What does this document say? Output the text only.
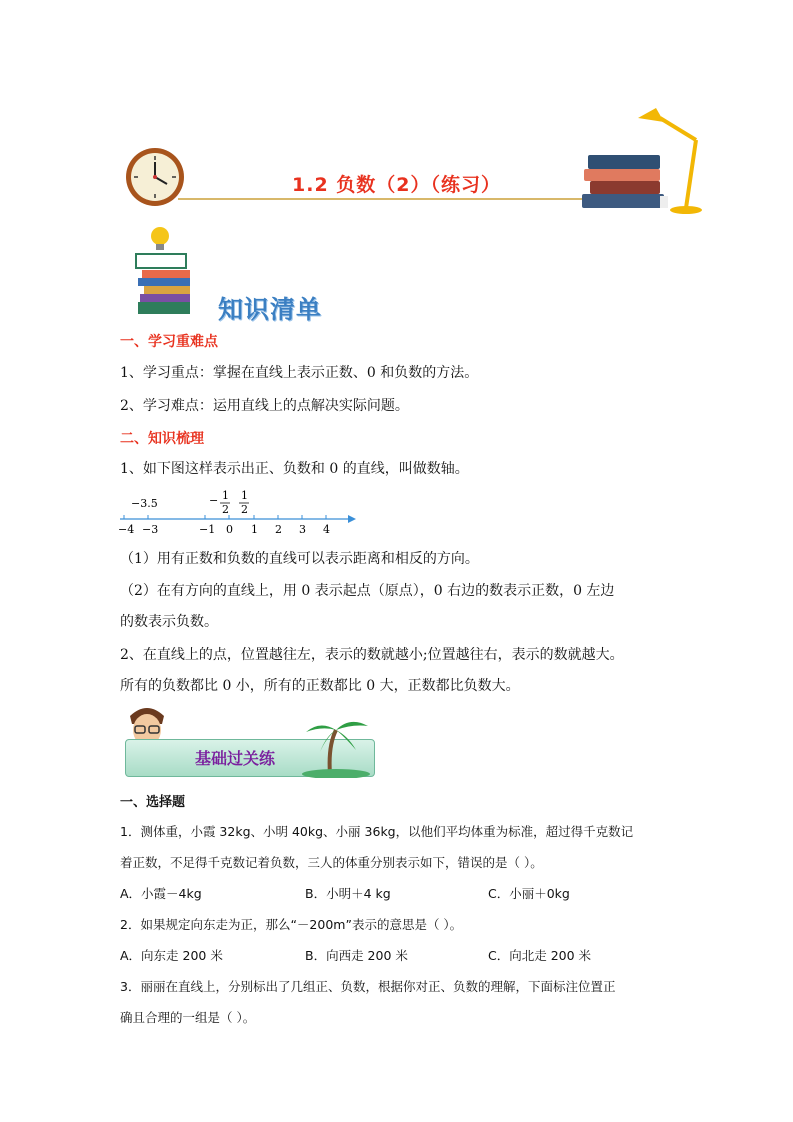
1.2 负数（2）（练习）
知识清单
一、学习重难点
1、学习重点：掌握在直线上表示正数、0 和负数的方法。
2、学习难点：运用直线上的点解决实际问题。
二、知识梳理
1、如下图这样表示出正、负数和 0 的直线，叫做数轴。
−3.5	− 1
2
1
2
−4 −3	−1 0 1 2 3 4
（1）用有正数和负数的直线可以表示距离和相反的方向。
（2）在有方向的直线上，用 0 表示起点（原点），0 右边的数表示正数，0 左边
的数表示负数。
2、在直线上的点，位置越往左，表示的数就越小;位置越往右，表示的数就越大。
所有的负数都比 0 小，所有的正数都比 0 大，正数都比负数大。
基础过关练
一、选择题
1．测体重，小霞 32kg、小明 40kg、小丽 36kg，以他们平均体重为标准，超过得千克数记
着正数，不足得千克数记着负数，三人的体重分别表示如下，错误的是（ ）。
A．小霞－4kg	B．小明＋4 kg	C．小丽＋0kg
2．如果规定向东走为正，那么“－200m”表示的意思是（ ）。
A．向东走 200 米	B．向西走 200 米	C．向北走 200 米
3．丽丽在直线上，分别标出了几组正、负数，根据你对正、负数的理解，下面标注位置正
确且合理的一组是（ ）。
